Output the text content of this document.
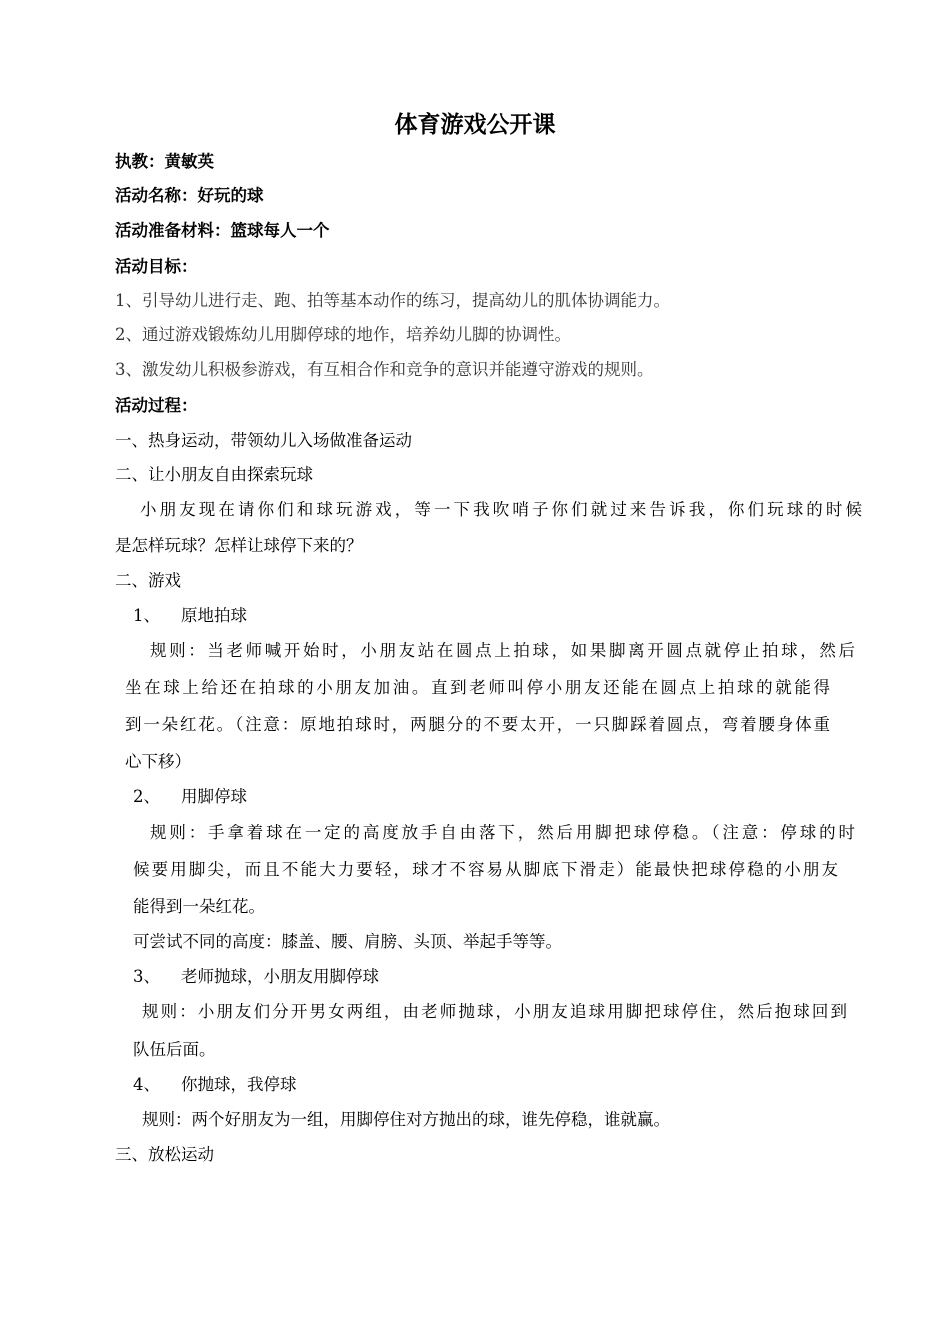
体育游戏公开课
执教：黄敏英
活动名称：好玩的球
活动准备材料：篮球每人一个
活动目标：
1、引导幼儿进行走、跑、拍等基本动作的练习，提高幼儿的肌体协调能力。
2、通过游戏锻炼幼儿用脚停球的地作，培养幼儿脚的协调性。
3、激发幼儿积极参游戏，有互相合作和竞争的意识并能遵守游戏的规则。
活动过程：
一、热身运动，带领幼儿入场做准备运动
二、让小朋友自由探索玩球
小朋友现在请你们和球玩游戏，等一下我吹哨子你们就过来告诉我，你们玩球的时候
是怎样玩球？怎样让球停下来的？
二、游戏
1、 原地拍球
规则：当老师喊开始时，小朋友站在圆点上拍球，如果脚离开圆点就停止拍球，然后
坐在球上给还在拍球的小朋友加油。直到老师叫停小朋友还能在圆点上拍球的就能得
到一朵红花。（注意：原地拍球时，两腿分的不要太开，一只脚踩着圆点，弯着腰身体重
心下移）
2、 用脚停球
规则：手拿着球在一定的高度放手自由落下，然后用脚把球停稳。（注意：停球的时
候要用脚尖，而且不能大力要轻，球才不容易从脚底下滑走）能最快把球停稳的小朋友
能得到一朵红花。
可尝试不同的高度：膝盖、腰、肩膀、头顶、举起手等等。
3、 老师抛球，小朋友用脚停球
规则：小朋友们分开男女两组，由老师抛球，小朋友追球用脚把球停住，然后抱球回到
队伍后面。
4、 你抛球，我停球
规则：两个好朋友为一组，用脚停住对方抛出的球，谁先停稳，谁就赢。
三、放松运动
